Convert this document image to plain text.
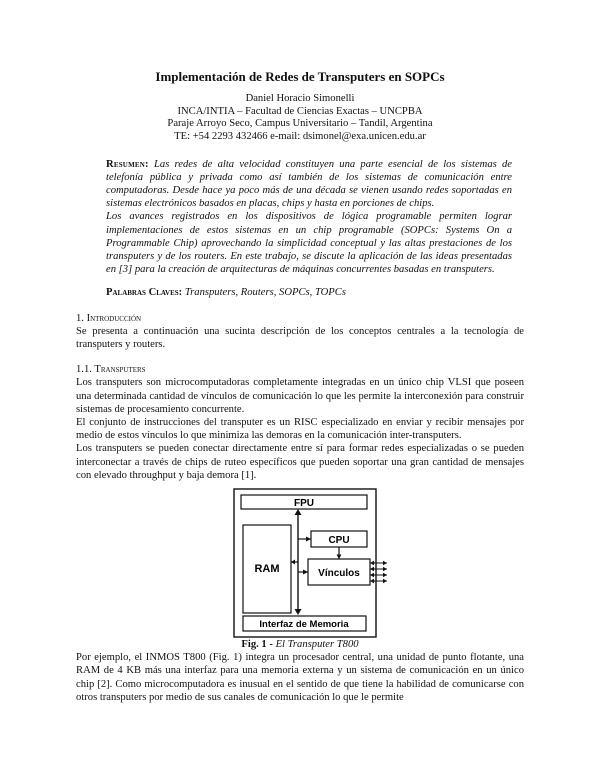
Implementación de Redes de Transputers en SOPCs
Daniel Horacio Simonelli
INCA/INTIA – Facultad de Ciencias Exactas – UNCPBA
Paraje Arroyo Seco, Campus Universitario – Tandil, Argentina
TE: +54 2293 432466 e-mail: dsimonel@exa.unicen.edu.ar

Resumen: Las redes de alta velocidad constituyen una parte esencial de los sistemas de telefonía pública y privada como así también de los sistemas de comunicación entre computadoras. Desde hace ya poco más de una década se vienen usando redes soportadas en sistemas electrónicos basados en placas, chips y hasta en porciones de chips.

Los avances registrados en los dispositivos de lógica programable permiten lograr implementaciones de estos sistemas en un chip programable (SOPCs: Systems On a Programmable Chip) aprovechando la simplicidad conceptual y las altas prestaciones de los transputers y de los routers. En este trabajo, se discute la aplicación de las ideas presentadas en [3] para la creación de arquitecturas de máquinas concurrentes basadas en transputers.

Palabras Claves: Transputers, Routers, SOPCs, TOPCs
1. Introducción

Se presenta a continuación una sucinta descripción de los conceptos centrales a la tecnología de transputers y routers.

1.1. Transputers

Los transputers son microcomputadoras completamente integradas en un único chip VLSI que poseen una determinada cantidad de vínculos de comunicación lo que les permite la interconexión para construir sistemas de procesamiento concurrente.

El conjunto de instrucciones del transputer es un RISC especializado en enviar y recibir mensajes por medio de estos vínculos lo que minimiza las demoras en la comunicación inter-transputers.

Los transputers se pueden conectar directamente entre sí para formar redes especializadas o se pueden interconectar a través de chips de ruteo específicos que pueden soportar una gran cantidad de mensajes con elevado throughput y baja demora [1].

FPU
RAM
CPU
Vínculos
Interfaz de Memoria
Fig. 1 - El Transputer T800

Por ejemplo, el INMOS T800 (Fig. 1) integra un procesador central, una unidad de punto flotante, una RAM de 4 KB más una interfaz para una memoria externa y un sistema de comunicación en un único chip [2]. Como microcomputadora es inusual en el sentido de que tiene la habilidad de comunicarse con otros transputers por medio de sus canales de comunicación lo que le permite
